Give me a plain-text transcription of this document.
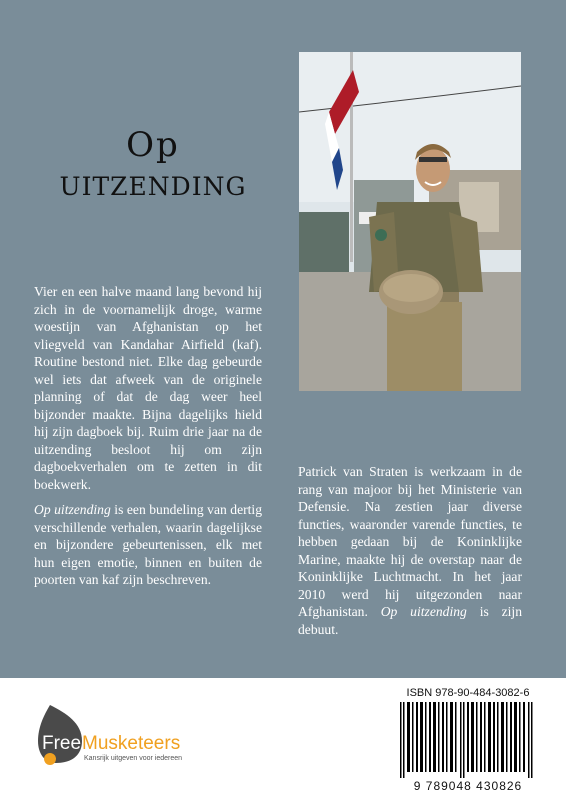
Op
uitzending

Vier en een halve maand lang bevond hij zich in de voornamelijk droge, warme woestijn van Afghanistan op het vliegveld van Kandahar Airfield (kaf). Routine bestond niet. Elke dag gebeurde wel iets dat afweek van de originele planning of dat de dag weer heel bijzonder maakte. Bijna dagelijks hield hij zijn dagboek bij. Ruim drie jaar na de uitzending besloot hij om zijn dagboekverhalen om te zetten in dit boekwerk.

Op uitzending is een bundeling van dertig verschillende verhalen, waarin dagelijkse en bijzondere gebeurtenissen, elk met hun eigen emotie, binnen en buiten de poorten van kaf zijn beschreven.

Patrick van Straten is werkzaam in de rang van majoor bij het Ministerie van Defensie. Na zestien jaar diverse functies, waaronder varende functies, te hebben gedaan bij de Koninklijke Marine, maakte hij de overstap naar de Koninklijke Luchtmacht. In het jaar 2010 werd hij uitgezonden naar Afghanistan. Op uitzending is zijn debuut.
Free Musketeers
Kansrijk uitgeven voor iedereen
ISBN 978-90-484-3082-6
9 789048 430826
